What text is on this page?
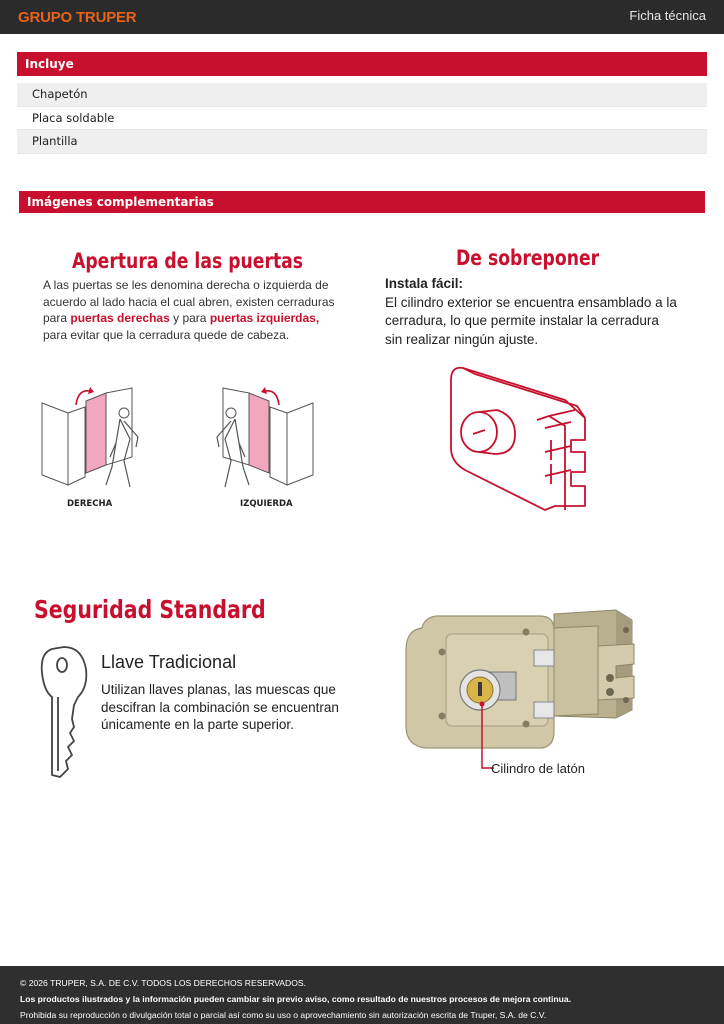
GRUPO TRUPER	Ficha técnica
Incluye
Chapetón
Placa soldable
Plantilla
Imágenes complementarias
Apertura de las puertas
A las puertas se les denomina derecha o izquierda de
acuerdo al lado hacia el cual abren, existen cerraduras
para puertas derechas y para puertas izquierdas,
para evitar que la cerradura quede de cabeza.
DERECHA	IZQUIERDA
De sobreponer
Instala fácil:
El cilindro exterior se encuentra ensamblado a la
cerradura, lo que permite instalar la cerradura
sin realizar ningún ajuste.
Seguridad Standard
Llave Tradicional
Utilizan llaves planas, las muescas que
descifran la combinación se encuentran
únicamente en la parte superior.
Cilindro de latón
© 2026 TRUPER, S.A. DE C.V. TODOS LOS DERECHOS RESERVADOS.
Los productos ilustrados y la información pueden cambiar sin previo aviso, como resultado de nuestros procesos de mejora continua.
Prohibida su reproducción o divulgación total o parcial así como su uso o aprovechamiento sin autorización escrita de Truper, S.A. de C.V.
